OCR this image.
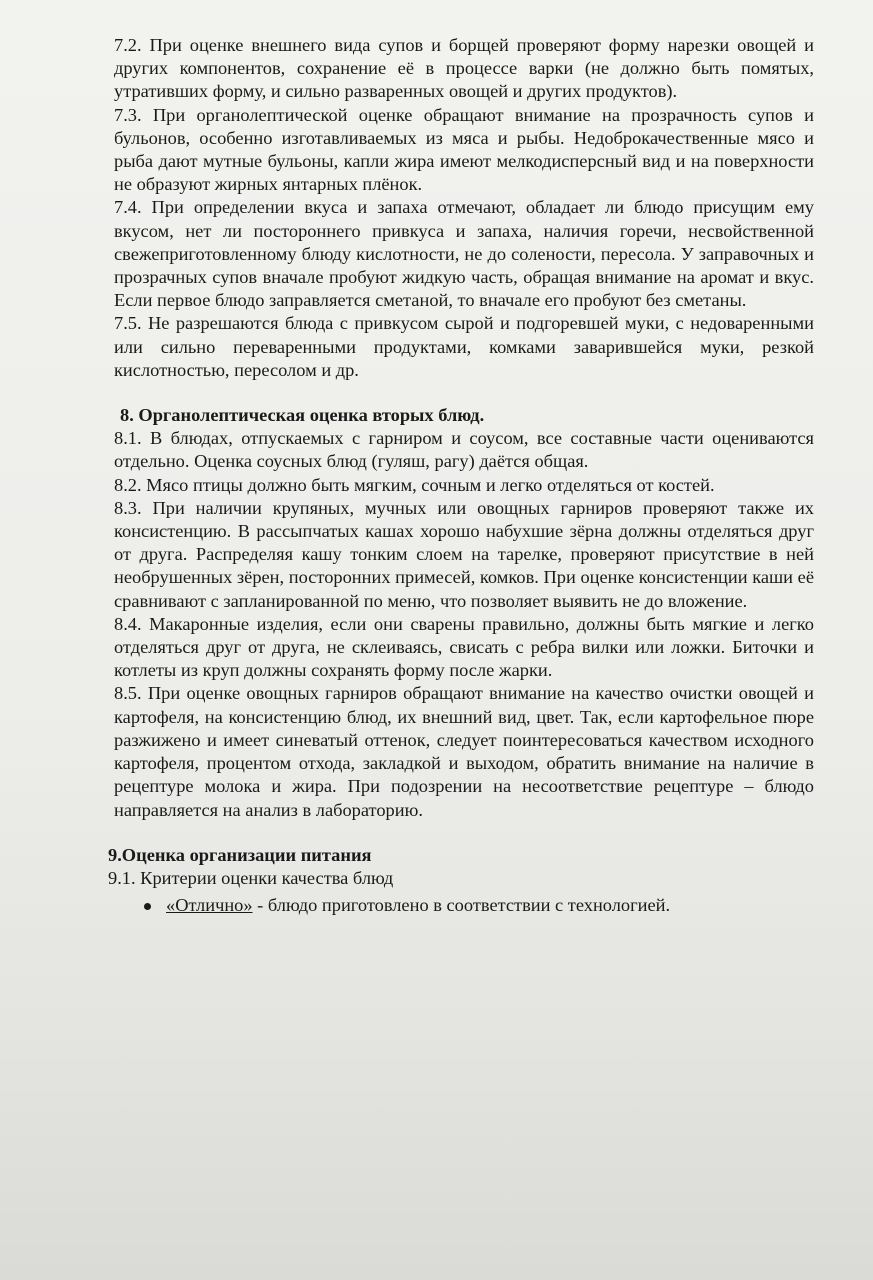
7.2. При оценке внешнего вида супов и борщей проверяют форму нарезки овощей и других компонентов, сохранение её в процессе варки (не должно быть помятых, утративших форму, и сильно разваренных овощей и других продуктов).

7.3. При органолептической оценке обращают внимание на прозрачность супов и бульонов, особенно изготавливаемых из мяса и рыбы. Недоброкачественные мясо и рыба дают мутные бульоны, капли жира имеют мелкодисперсный вид и на поверхности не образуют жирных янтарных плёнок.

7.4. При определении вкуса и запаха отмечают, обладает ли блюдо присущим ему вкусом, нет ли постороннего привкуса и запаха, наличия горечи, несвойственной свежеприготовленному блюду кислотности, не до солености, пересола. У заправочных и прозрачных супов вначале пробуют жидкую часть, обращая внимание на аромат и вкус. Если первое блюдо заправляется сметаной, то вначале его пробуют без сметаны.

7.5. Не разрешаются блюда с привкусом сырой и подгоревшей муки, с недоваренными или сильно переваренными продуктами, комками заварившейся муки, резкой кислотностью, пересолом и др.

8. Органолептическая оценка вторых блюд.

8.1. В блюдах, отпускаемых с гарниром и соусом, все составные части оцениваются отдельно. Оценка соусных блюд (гуляш, рагу) даётся общая.

8.2. Мясо птицы должно быть мягким, сочным и легко отделяться от костей.

8.3. При наличии крупяных, мучных или овощных гарниров проверяют также их консистенцию. В рассыпчатых кашах хорошо набухшие зёрна должны отделяться друг от друга. Распределяя кашу тонким слоем на тарелке, проверяют присутствие в ней необрушенных зёрен, посторонних примесей, комков. При оценке консистенции каши её сравнивают с запланированной по меню, что позволяет выявить не до вложение.

8.4. Макаронные изделия, если они сварены правильно, должны быть мягкие и легко отделяться друг от друга, не склеиваясь, свисать с ребра вилки или ложки. Биточки и котлеты из круп должны сохранять форму после жарки.

8.5. При оценке овощных гарниров обращают внимание на качество очистки овощей и картофеля, на консистенцию блюд, их внешний вид, цвет. Так, если картофельное пюре разжижено и имеет синеватый оттенок, следует поинтересоваться качеством исходного картофеля, процентом отхода, закладкой и выходом, обратить внимание на наличие в рецептуре молока и жира. При подозрении на несоответствие рецептуре – блюдо направляется на анализ в лабораторию.

9.Оценка организации питания

9.1. Критерии оценки качества блюд

«Отлично» - блюдо приготовлено в соответствии с технологией.
